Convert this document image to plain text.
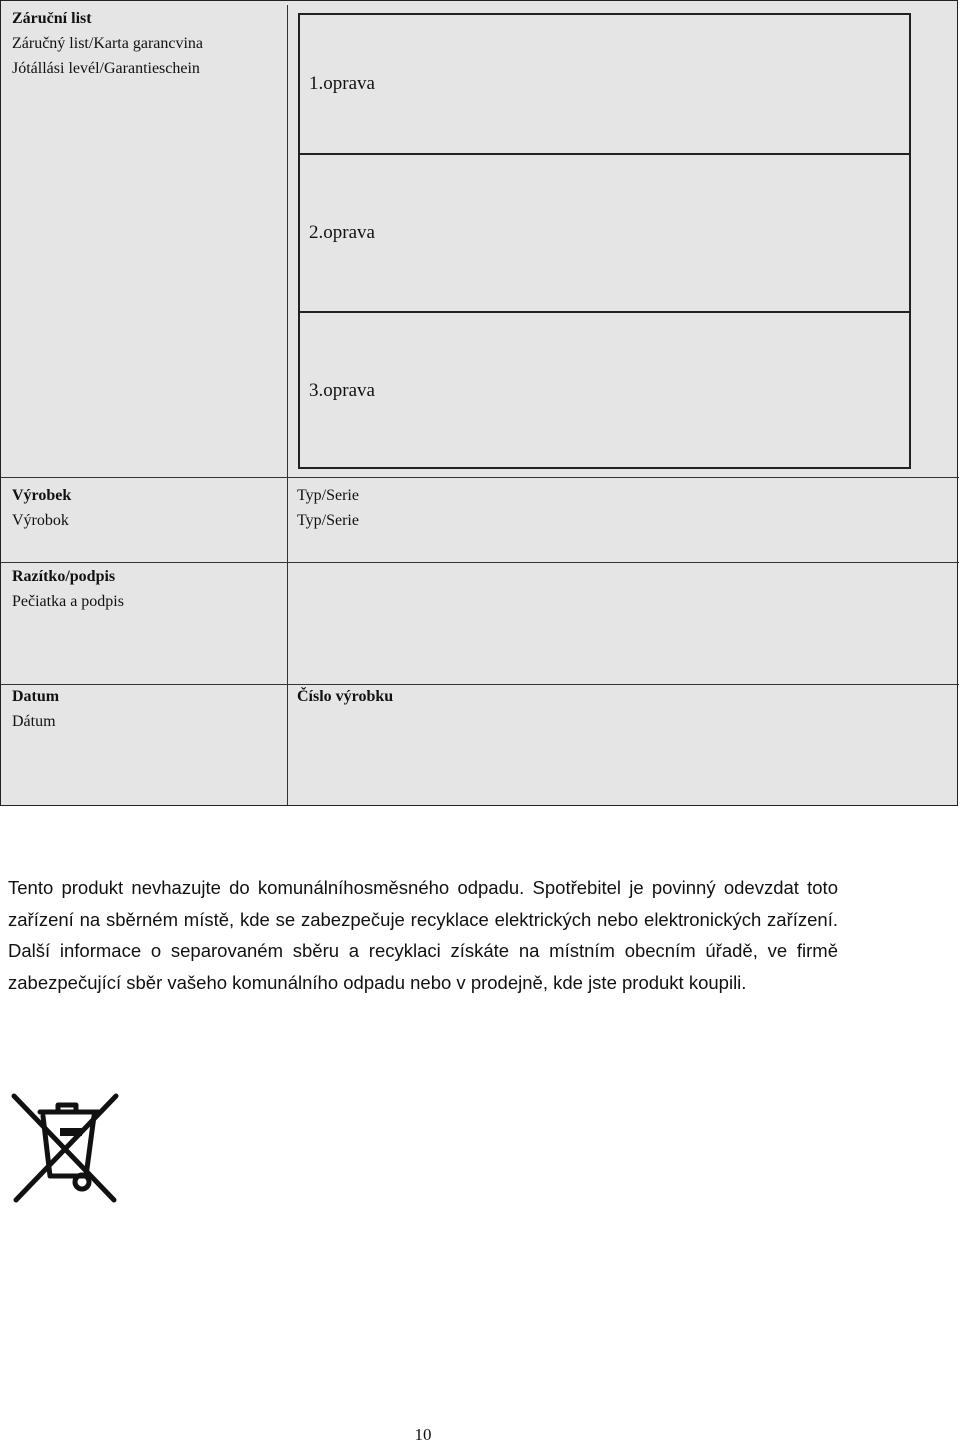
Záruční list
Záručný list/Karta garancvina
Jótállási levél/Garantieschein
1.oprava
2.oprava
3.oprava
Výrobek
Výrobok
Typ/Serie
Typ/Serie
Razítko/podpis
Pečiatka a podpis
Datum
Dátum
Číslo výrobku
Tento produkt nevhazujte do komunálníhosměsného odpadu. Spotřebitel je povinný odevzdat toto zařízení na sběrném místě, kde se zabezpečuje recyklace elektrických nebo elektronických zařízení. Další informace o separovaném sběru a recyklaci získáte na místním obecním úřadě, ve firmě zabezpečující sběr vašeho komunálního odpadu nebo v prodejně, kde jste produkt koupili.
10
